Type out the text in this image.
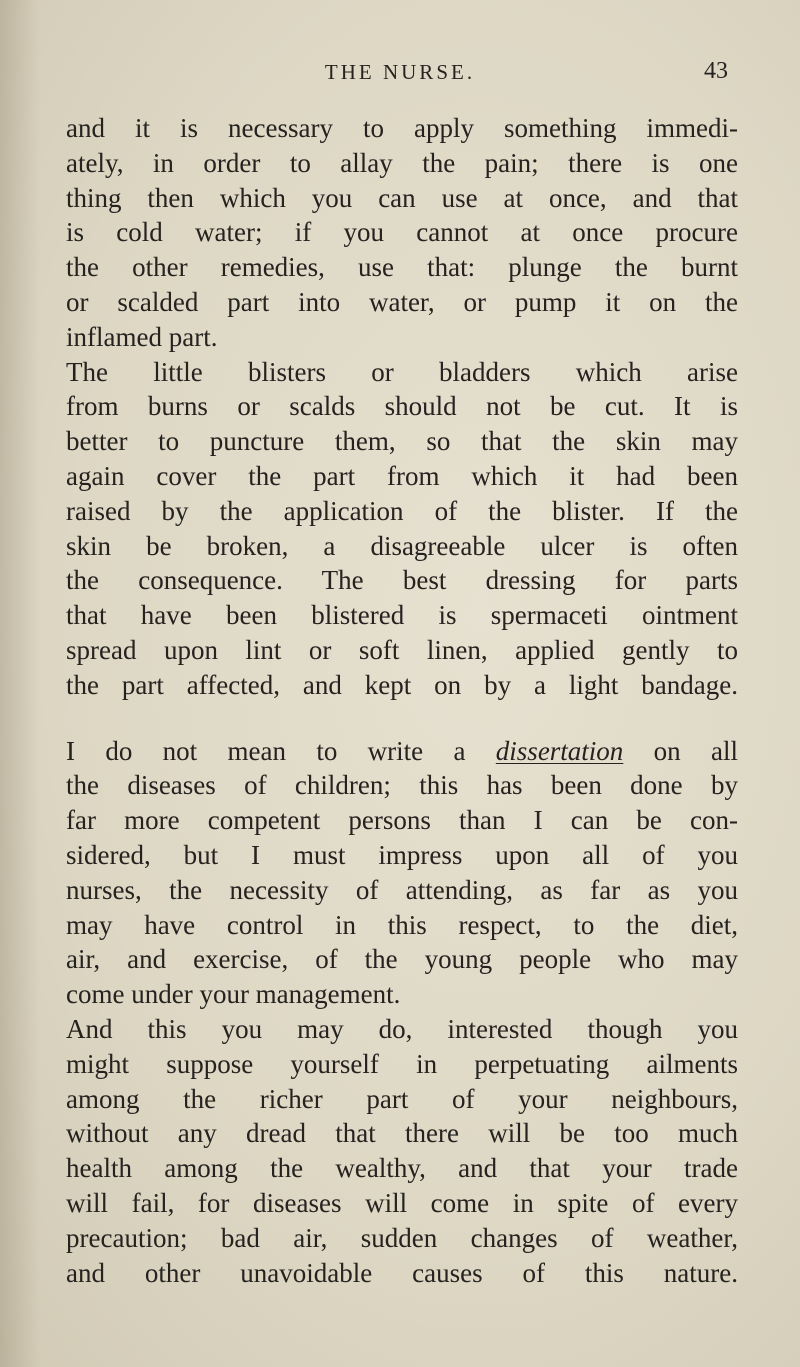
THE NURSE.	43
and it is necessary to apply something immedi-
ately, in order to allay the pain; there is one
thing then which you can use at once, and that
is cold water; if you cannot at once procure
the other remedies, use that: plunge the burnt
or scalded part into water, or pump it on the
inflamed part.
The little blisters or bladders which arise
from burns or scalds should not be cut. It is
better to puncture them, so that the skin may
again cover the part from which it had been
raised by the application of the blister. If the
skin be broken, a disagreeable ulcer is often
the consequence. The best dressing for parts
that have been blistered is spermaceti ointment
spread upon lint or soft linen, applied gently to
the part affected, and kept on by a light bandage.
I do not mean to write a dissertation on all
the diseases of children; this has been done by
far more competent persons than I can be con-
sidered, but I must impress upon all of you
nurses, the necessity of attending, as far as you
may have control in this respect, to the diet,
air, and exercise, of the young people who may
come under your management.
And this you may do, interested though you
might suppose yourself in perpetuating ailments
among the richer part of your neighbours,
without any dread that there will be too much
health among the wealthy, and that your trade
will fail, for diseases will come in spite of every
precaution; bad air, sudden changes of weather,
and other unavoidable causes of this nature.
